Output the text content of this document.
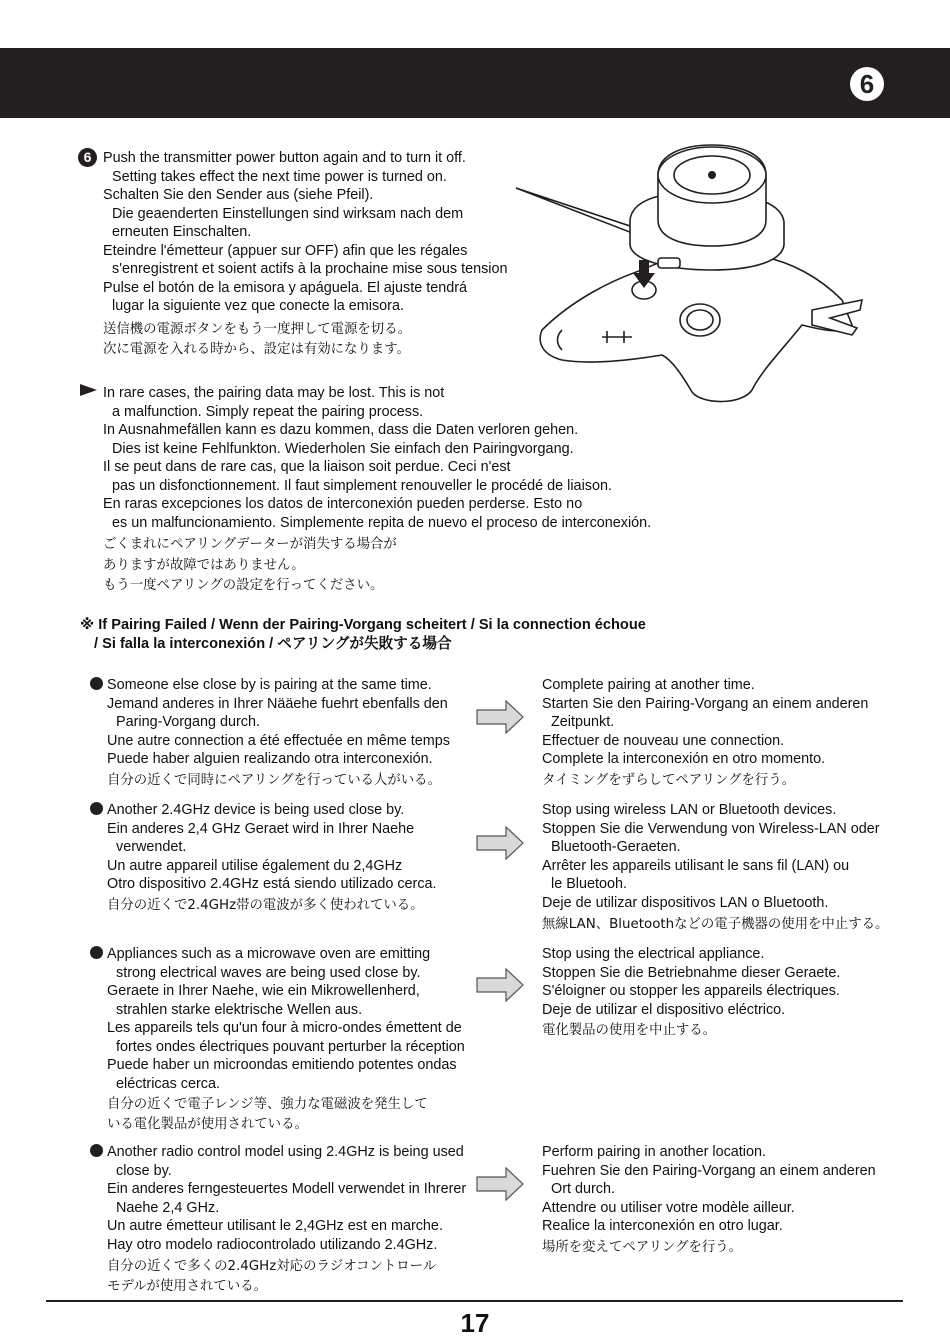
6
6 Push the transmitter power button again and to turn it off.
Setting takes effect the next time power is turned on.
Schalten Sie den Sender aus (siehe Pfeil).
Die geaenderten Einstellungen sind wirksam nach dem
erneuten Einschalten.
Eteindre l'émetteur (appuer sur OFF) afin que les régales
s'enregistrent et soient actifs à la prochaine mise sous tension
Pulse el botón de la emisora y apáguela. El ajuste tendrá
lugar la siguiente vez que conecte la emisora.
送信機の電源ボタンをもう一度押して電源を切る。
次に電源を入れる時から、設定は有効になります。
In rare cases, the pairing data may be lost. This is not
a malfunction. Simply repeat the pairing process.
In Ausnahmefällen kann es dazu kommen, dass die Daten verloren gehen.
Dies ist keine Fehlfunkton. Wiederholen Sie einfach den Pairingvorgang.
Il se peut dans de rare cas, que la liaison soit perdue. Ceci n'est
pas un disfonctionnement. Il faut simplement renouveller le procédé de liaison.
En raras excepciones los datos de interconexión pueden perderse. Esto no
es un malfuncionamiento. Simplemente repita de nuevo el proceso de interconexión.
ごくまれにペアリングデーターが消失する場合が
ありますが故障ではありません。
もう一度ペアリングの設定を行ってください。
※ If Pairing Failed / Wenn der Pairing-Vorgang scheitert / Si la connection échoue
/ Si falla la interconexión / ペアリングが失敗する場合
Someone else close by is pairing at the same time.
Jemand anderes in Ihrer Nääehe fuehrt ebenfalls den
Paring-Vorgang durch.
Une autre connection a été effectuée en même temps
Puede haber alguien realizando otra interconexión.
自分の近くで同時にペアリングを行っている人がいる。
Complete pairing at another time.
Starten Sie den Pairing-Vorgang an einem anderen
Zeitpunkt.
Effectuer de nouveau une connection.
Complete la interconexión en otro momento.
タイミングをずらしてペアリングを行う。
Another 2.4GHz device is being used close by.
Ein anderes 2,4 GHz Geraet wird in Ihrer Naehe
verwendet.
Un autre appareil utilise également du 2,4GHz
Otro dispositivo 2.4GHz está siendo utilizado cerca.
自分の近くで2.4GHz帯の電波が多く使われている。
Stop using wireless LAN or Bluetooth devices.
Stoppen Sie die Verwendung von Wireless-LAN oder
Bluetooth-Geraeten.
Arrêter les appareils utilisant le sans fil (LAN) ou
le Bluetooh.
Deje de utilizar dispositivos LAN o Bluetooth.
無線LAN、Bluetoothなどの電子機器の使用を中止する。
Appliances such as a microwave oven are emitting
strong electrical waves are being used close by.
Geraete in Ihrer Naehe, wie ein Mikrowellenherd,
strahlen starke elektrische Wellen aus.
Les appareils tels qu'un four à micro-ondes émettent de
fortes ondes électriques pouvant perturber la réception
Puede haber un microondas emitiendo potentes ondas
eléctricas cerca.
自分の近くで電子レンジ等、強力な電磁波を発生して
いる電化製品が使用されている。
Stop using the electrical appliance.
Stoppen Sie die Betriebnahme dieser Geraete.
S'éloigner ou stopper les appareils électriques.
Deje de utilizar el dispositivo eléctrico.
電化製品の使用を中止する。
Another radio control model using 2.4GHz is being used
close by.
Ein anderes ferngesteuertes Modell verwendet in Ihrerer
Naehe 2,4 GHz.
Un autre émetteur utilisant le 2,4GHz est en marche.
Hay otro modelo radiocontrolado utilizando 2.4GHz.
自分の近くで多くの2.4GHz対応のラジオコントロール
モデルが使用されている。
Perform pairing in another location.
Fuehren Sie den Pairing-Vorgang an einem anderen
Ort durch.
Attendre ou utiliser votre modèle ailleur.
Realice la interconexión en otro lugar.
場所を変えてペアリングを行う。
17
